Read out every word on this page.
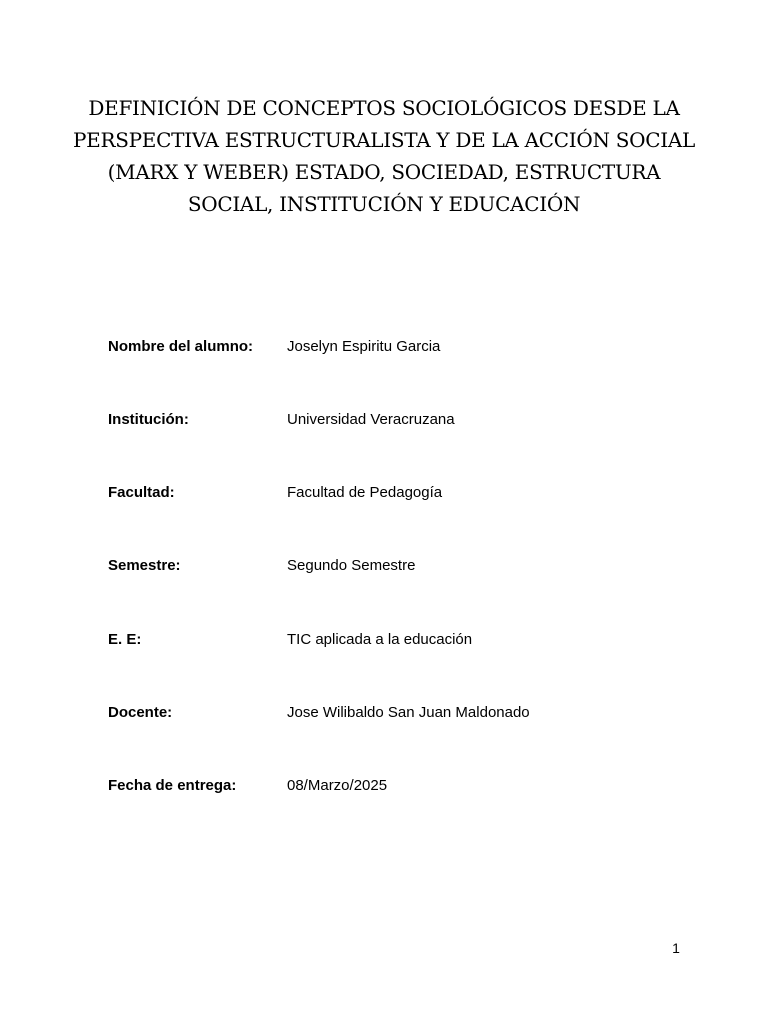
DEFINICIÓN DE CONCEPTOS SOCIOLÓGICOS DESDE LA
PERSPECTIVA ESTRUCTURALISTA Y DE LA ACCIÓN SOCIAL
(MARX Y WEBER) ESTADO, SOCIEDAD, ESTRUCTURA
SOCIAL, INSTITUCIÓN Y EDUCACIÓN
Nombre del alumno: Joselyn Espiritu Garcia
Institución:	Universidad Veracruzana
Facultad:	Facultad de Pedagogía
Semestre:	Segundo Semestre
E. E:	TIC aplicada a la educación
Docente:	Jose Wilibaldo San Juan Maldonado
Fecha de entrega:	08/Marzo/2025
1
